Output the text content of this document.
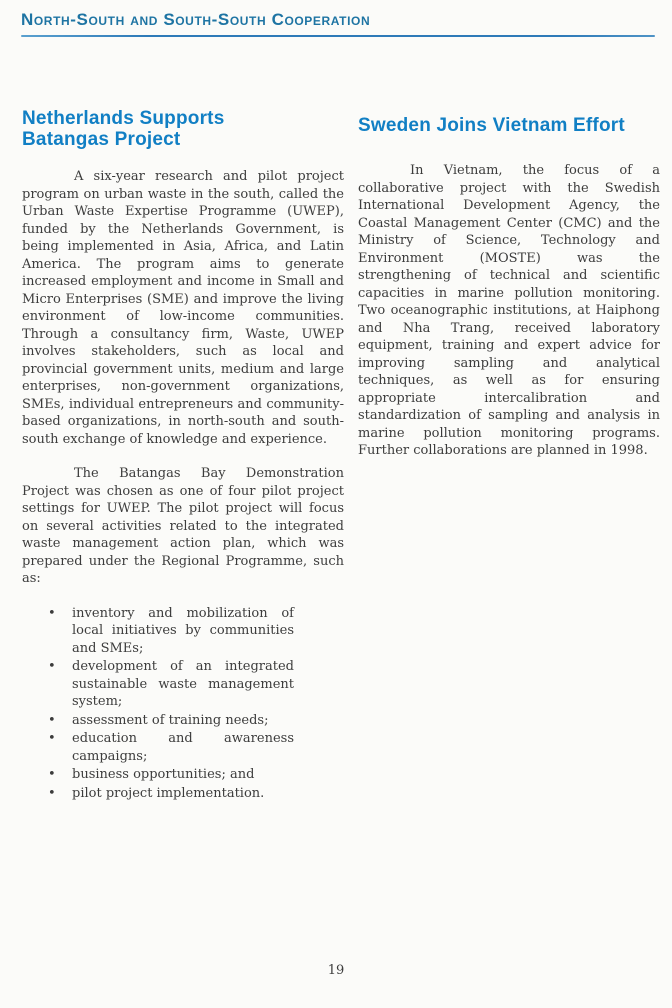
North-South and South-South Cooperation
Netherlands Supports Batangas Project

A six-year research and pilot project program on urban waste in the south, called the Urban Waste Expertise Programme (UWEP), funded by the Netherlands Government, is being implemented in Asia, Africa, and Latin America. The program aims to generate increased employment and income in Small and Micro Enterprises (SME) and improve the living environment of low-income communities. Through a consultancy firm, Waste, UWEP involves stakeholders, such as local and provincial government units, medium and large enterprises, non-government organizations, SMEs, individual entrepreneurs and community-based organizations, in north-south and south-south exchange of knowledge and experience.

The Batangas Bay Demonstration Project was chosen as one of four pilot project settings for UWEP. The pilot project will focus on several activities related to the integrated waste management action plan, which was prepared under the Regional Programme, such as:

•	inventory and mobilization of local initiatives by communities and SMEs;
•	development of an integrated sustainable waste management system;
•	assessment of training needs;
•	education and awareness campaigns;
•	business opportunities; and
•	pilot project implementation.
Sweden Joins Vietnam Effort

In Vietnam, the focus of a collaborative project with the Swedish International Development Agency, the Coastal Management Center (CMC) and the Ministry of Science, Technology and Environment (MOSTE) was the strengthening of technical and scientific capacities in marine pollution monitoring. Two oceanographic institutions, at Haiphong and Nha Trang, received laboratory equipment, training and expert advice for improving sampling and analytical techniques, as well as for ensuring appropriate intercalibration and standardization of sampling and analysis in marine pollution monitoring programs. Further collaborations are planned in 1998.

19
